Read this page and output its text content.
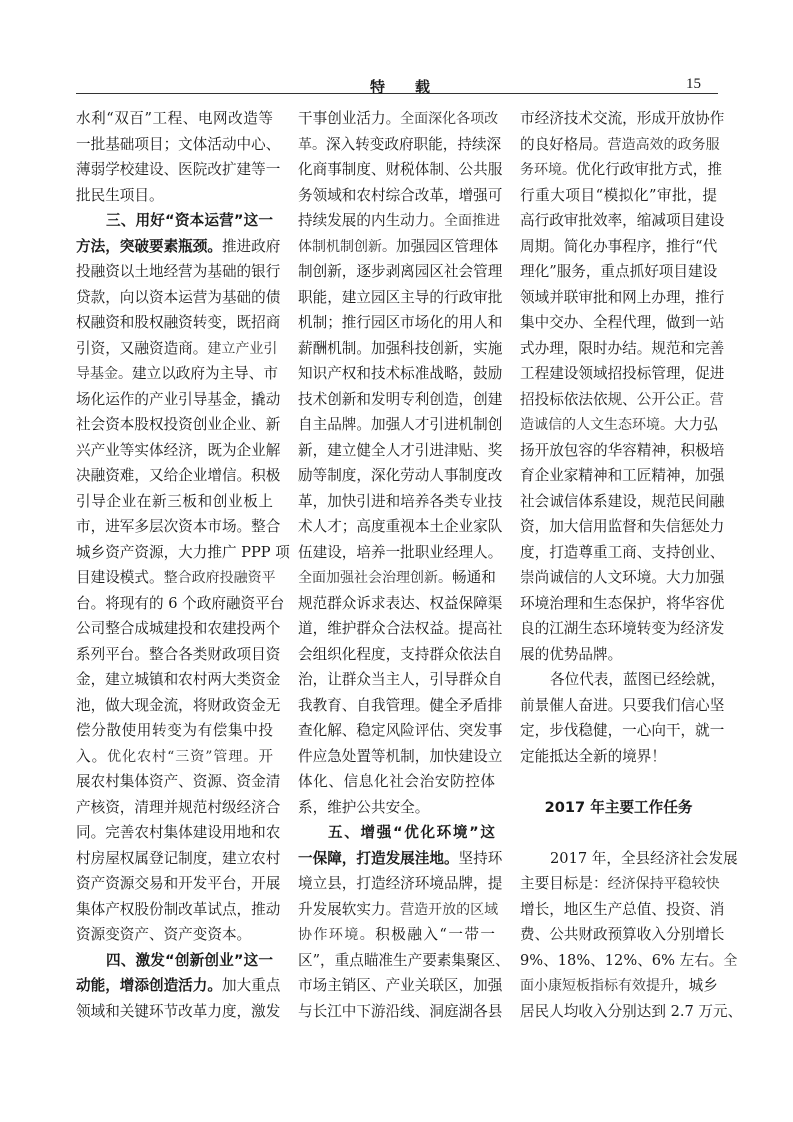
特 载	15
水利“双百”工程、电网改造等
一批基础项目；文体活动中心、
薄弱学校建设、医院改扩建等一
批民生项目。
三、用好“资本运营”这一
方法，突破要素瓶颈。推进政府
投融资以土地经营为基础的银行
贷款，向以资本运营为基础的债
权融资和股权融资转变，既招商
引资，又融资造商。建立产业引
导基金。建立以政府为主导、市
场化运作的产业引导基金，撬动
社会资本股权投资创业企业、新
兴产业等实体经济，既为企业解
决融资难，又给企业增信。积极
引导企业在新三板和创业板上
市，进军多层次资本市场。整合
城乡资产资源，大力推广 PPP 项
目建设模式。整合政府投融资平
台。将现有的 6 个政府融资平台
公司整合成城建投和农建投两个
系列平台。整合各类财政项目资
金，建立城镇和农村两大类资金
池，做大现金流，将财政资金无
偿分散使用转变为有偿集中投
入。优化农村“三资”管理。开
展农村集体资产、资源、资金清
产核资，清理并规范村级经济合
同。完善农村集体建设用地和农
村房屋权属登记制度，建立农村
资产资源交易和开发平台，开展
集体产权股份制改革试点，推动
资源变资产、资产变资本。
四、激发“创新创业”这一
动能，增添创造活力。加大重点
领域和关键环节改革力度，激发
干事创业活力。全面深化各项改
革。深入转变政府职能，持续深
化商事制度、财税体制、公共服
务领域和农村综合改革，增强可
持续发展的内生动力。全面推进
体制机制创新。加强园区管理体
制创新，逐步剥离园区社会管理
职能，建立园区主导的行政审批
机制；推行园区市场化的用人和
薪酬机制。加强科技创新，实施
知识产权和技术标准战略，鼓励
技术创新和发明专利创造，创建
自主品牌。加强人才引进机制创
新，建立健全人才引进津贴、奖
励等制度，深化劳动人事制度改
革，加快引进和培养各类专业技
术人才；高度重视本土企业家队
伍建设，培养一批职业经理人。
全面加强社会治理创新。畅通和
规范群众诉求表达、权益保障渠
道，维护群众合法权益。提高社
会组织化程度，支持群众依法自
治，让群众当主人，引导群众自
我教育、自我管理。健全矛盾排
查化解、稳定风险评估、突发事
件应急处置等机制，加快建设立
体化、信息化社会治安防控体
系，维护公共安全。
五、增强“优化环境”这
一保障，打造发展洼地。坚持环
境立县，打造经济环境品牌，提
升发展软实力。营造开放的区域
协作环境。积极融入“一带一
区”，重点瞄准生产要素集聚区、
市场主销区、产业关联区，加强
与长江中下游沿线、洞庭湖各县
市经济技术交流，形成开放协作
的良好格局。营造高效的政务服
务环境。优化行政审批方式，推
行重大项目“模拟化”审批，提
高行政审批效率，缩减项目建设
周期。简化办事程序，推行“代
理化”服务，重点抓好项目建设
领域并联审批和网上办理，推行
集中交办、全程代理，做到一站
式办理，限时办结。规范和完善
工程建设领域招投标管理，促进
招投标依法依规、公开公正。营
造诚信的人文生态环境。大力弘
扬开放包容的华容精神，积极培
育企业家精神和工匠精神，加强
社会诚信体系建设，规范民间融
资，加大信用监督和失信惩处力
度，打造尊重工商、支持创业、
崇尚诚信的人文环境。大力加强
环境治理和生态保护，将华容优
良的江湖生态环境转变为经济发
展的优势品牌。
各位代表，蓝图已经绘就，
前景催人奋进。只要我们信心坚
定，步伐稳健，一心向干，就一
定能抵达全新的境界！
2017 年主要工作任务
2017 年，全县经济社会发展
主要目标是：经济保持平稳较快
增长，地区生产总值、投资、消
费、公共财政预算收入分别增长
9%、18%、12%、6% 左右。全
面小康短板指标有效提升，城乡
居民人均收入分别达到 2.7 万元、
